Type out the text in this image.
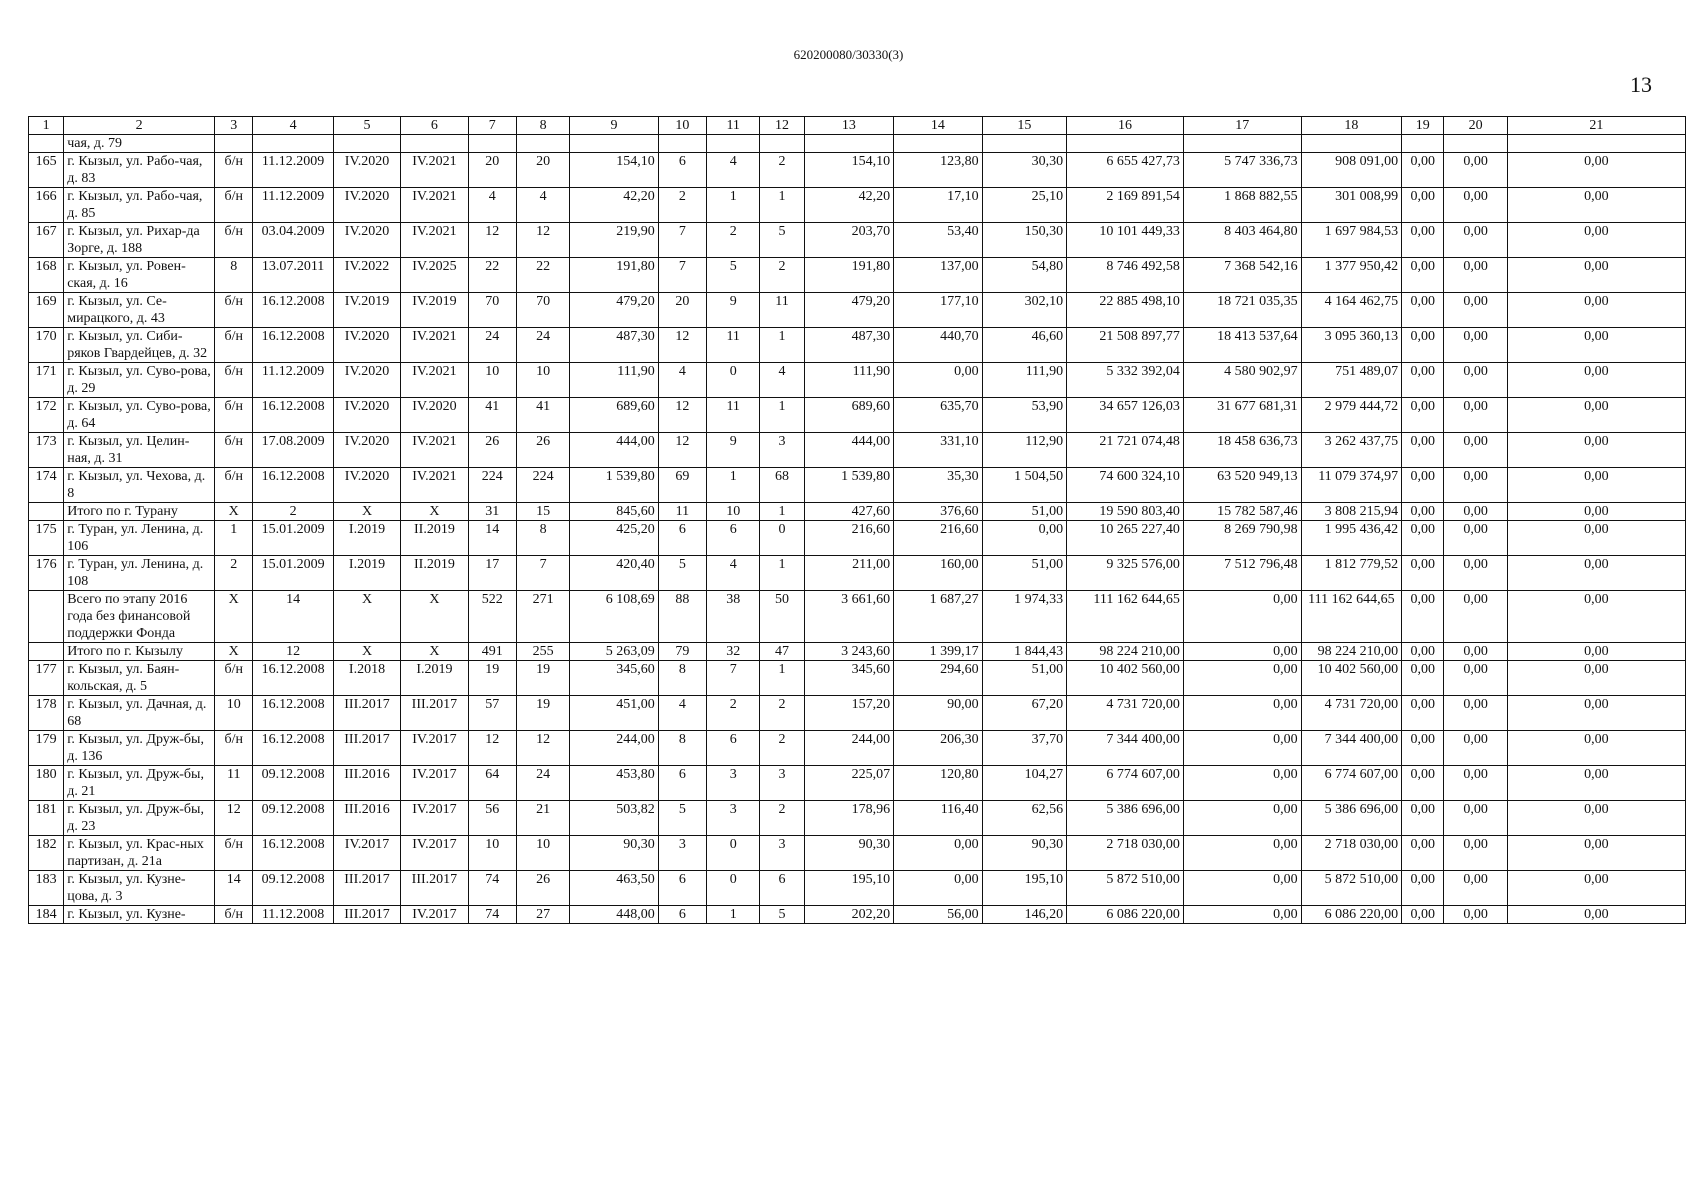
620200080/30330(3)
13
1	2	3	4	5	6	7	8	9	10	11	12	13	14	15	16	17	18	19	20	21
	чая, д. 79																			
165	г. Кызыл, ул. Рабо-чая, д. 83	б/н	11.12.2009	IV.2020	IV.2021	20	20	154,10	6	4	2	154,10	123,80	30,30	6 655 427,73	5 747 336,73	908 091,00	0,00	0,00	0,00
166	г. Кызыл, ул. Рабо-чая, д. 85	б/н	11.12.2009	IV.2020	IV.2021	4	4	42,20	2	1	1	42,20	17,10	25,10	2 169 891,54	1 868 882,55	301 008,99	0,00	0,00	0,00
167	г. Кызыл, ул. Рихар-да Зорге, д. 188	б/н	03.04.2009	IV.2020	IV.2021	12	12	219,90	7	2	5	203,70	53,40	150,30	10 101 449,33	8 403 464,80	1 697 984,53	0,00	0,00	0,00
168	г. Кызыл, ул. Ровен-ская, д. 16	8	13.07.2011	IV.2022	IV.2025	22	22	191,80	7	5	2	191,80	137,00	54,80	8 746 492,58	7 368 542,16	1 377 950,42	0,00	0,00	0,00
169	г. Кызыл, ул. Се-мирацкого, д. 43	б/н	16.12.2008	IV.2019	IV.2019	70	70	479,20	20	9	11	479,20	177,10	302,10	22 885 498,10	18 721 035,35	4 164 462,75	0,00	0,00	0,00
170	г. Кызыл, ул. Сиби-ряков Гвардейцев, д. 32	б/н	16.12.2008	IV.2020	IV.2021	24	24	487,30	12	11	1	487,30	440,70	46,60	21 508 897,77	18 413 537,64	3 095 360,13	0,00	0,00	0,00
171	г. Кызыл, ул. Суво-рова, д. 29	б/н	11.12.2009	IV.2020	IV.2021	10	10	111,90	4	0	4	111,90	0,00	111,90	5 332 392,04	4 580 902,97	751 489,07	0,00	0,00	0,00
172	г. Кызыл, ул. Суво-рова, д. 64	б/н	16.12.2008	IV.2020	IV.2020	41	41	689,60	12	11	1	689,60	635,70	53,90	34 657 126,03	31 677 681,31	2 979 444,72	0,00	0,00	0,00
173	г. Кызыл, ул. Целин-ная, д. 31	б/н	17.08.2009	IV.2020	IV.2021	26	26	444,00	12	9	3	444,00	331,10	112,90	21 721 074,48	18 458 636,73	3 262 437,75	0,00	0,00	0,00
174	г. Кызыл, ул. Чехова, д. 8	б/н	16.12.2008	IV.2020	IV.2021	224	224	1 539,80	69	1	68	1 539,80	35,30	1 504,50	74 600 324,10	63 520 949,13	11 079 374,97	0,00	0,00	0,00
	Итого по г. Турану	X	2	X	X	31	15	845,60	11	10	1	427,60	376,60	51,00	19 590 803,40	15 782 587,46	3 808 215,94	0,00	0,00	0,00
175	г. Туран, ул. Ленина, д. 106	1	15.01.2009	I.2019	II.2019	14	8	425,20	6	6	0	216,60	216,60	0,00	10 265 227,40	8 269 790,98	1 995 436,42	0,00	0,00	0,00
176	г. Туран, ул. Ленина, д. 108	2	15.01.2009	I.2019	II.2019	17	7	420,40	5	4	1	211,00	160,00	51,00	9 325 576,00	7 512 796,48	1 812 779,52	0,00	0,00	0,00
	Всего по этапу 2016 года без финансовой поддержки Фонда	X	14	X	X	522	271	6 108,69	88	38	50	3 661,60	1 687,27	1 974,33	111 162 644,65	0,00	111 162 644,65	0,00	0,00	0,00
	Итого по г. Кызылу	X	12	X	X	491	255	5 263,09	79	32	47	3 243,60	1 399,17	1 844,43	98 224 210,00	0,00	98 224 210,00	0,00	0,00	0,00
177	г. Кызыл, ул. Баян-кольская, д. 5	б/н	16.12.2008	I.2018	I.2019	19	19	345,60	8	7	1	345,60	294,60	51,00	10 402 560,00	0,00	10 402 560,00	0,00	0,00	0,00
178	г. Кызыл, ул. Дачная, д. 68	10	16.12.2008	III.2017	III.2017	57	19	451,00	4	2	2	157,20	90,00	67,20	4 731 720,00	0,00	4 731 720,00	0,00	0,00	0,00
179	г. Кызыл, ул. Друж-бы, д. 136	б/н	16.12.2008	III.2017	IV.2017	12	12	244,00	8	6	2	244,00	206,30	37,70	7 344 400,00	0,00	7 344 400,00	0,00	0,00	0,00
180	г. Кызыл, ул. Друж-бы, д. 21	11	09.12.2008	III.2016	IV.2017	64	24	453,80	6	3	3	225,07	120,80	104,27	6 774 607,00	0,00	6 774 607,00	0,00	0,00	0,00
181	г. Кызыл, ул. Друж-бы, д. 23	12	09.12.2008	III.2016	IV.2017	56	21	503,82	5	3	2	178,96	116,40	62,56	5 386 696,00	0,00	5 386 696,00	0,00	0,00	0,00
182	г. Кызыл, ул. Крас-ных партизан, д. 21а	б/н	16.12.2008	IV.2017	IV.2017	10	10	90,30	3	0	3	90,30	0,00	90,30	2 718 030,00	0,00	2 718 030,00	0,00	0,00	0,00
183	г. Кызыл, ул. Кузне-цова, д. 3	14	09.12.2008	III.2017	III.2017	74	26	463,50	6	0	6	195,10	0,00	195,10	5 872 510,00	0,00	5 872 510,00	0,00	0,00	0,00
184	г. Кызыл, ул. Кузне-	б/н	11.12.2008	III.2017	IV.2017	74	27	448,00	6	1	5	202,20	56,00	146,20	6 086 220,00	0,00	6 086 220,00	0,00	0,00	0,00
